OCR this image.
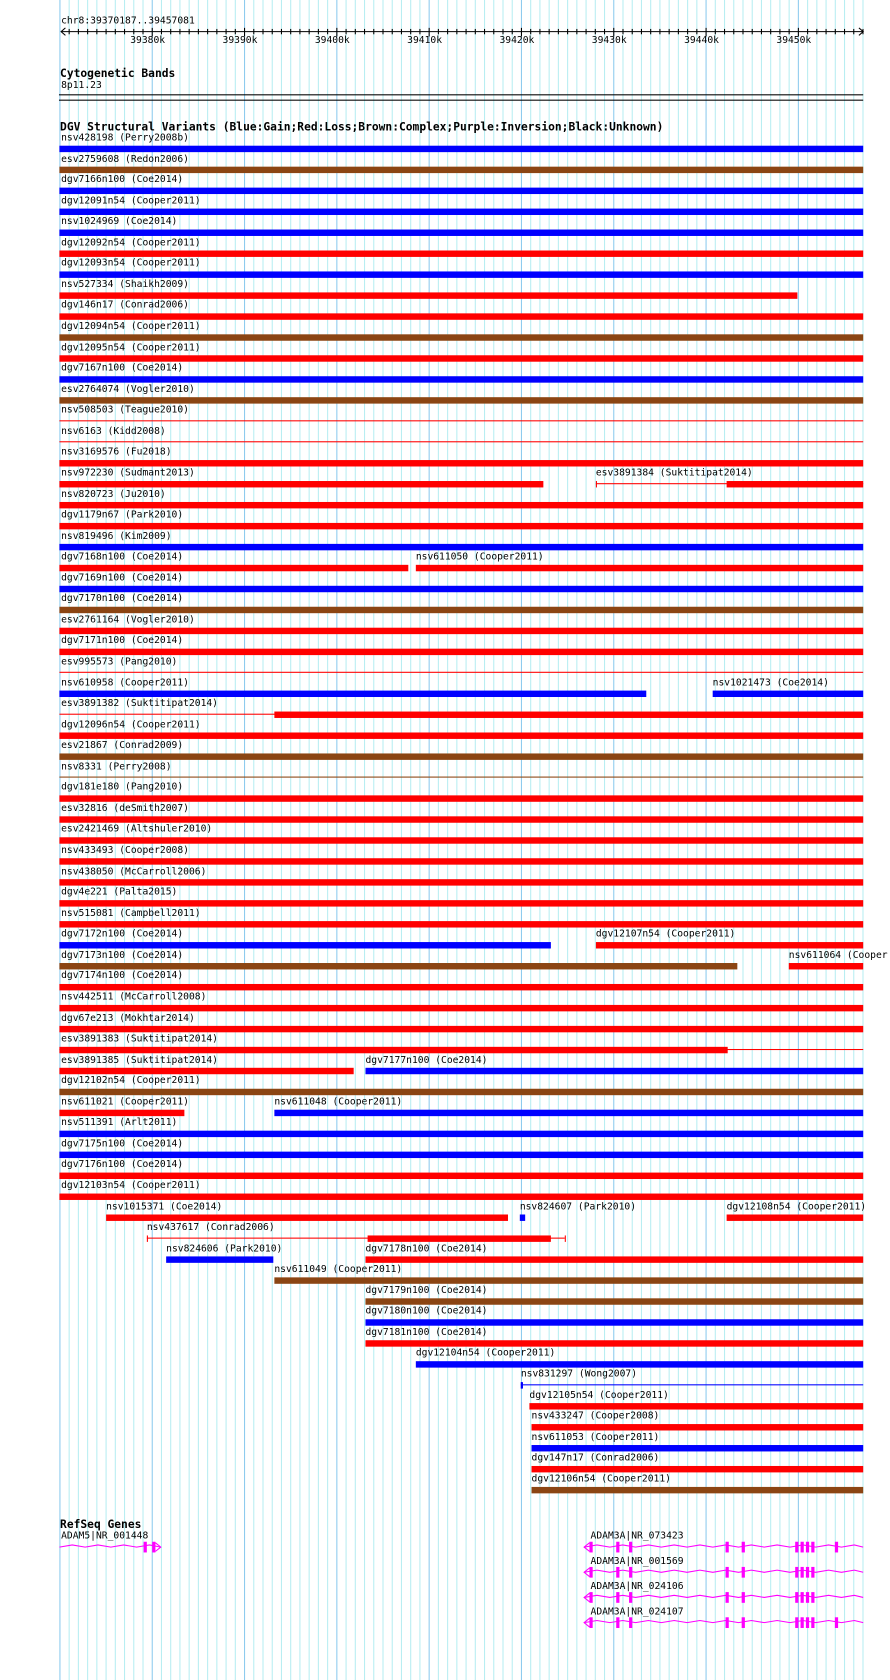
chr8:39370187..39457081
39380k	39390k	39400k	39410k	39420k	39430k	39440k	39450k
Cytogenetic Bands
8p11.23
DGV Structural Variants (Blue:Gain;Red:Loss;Brown:Complex;Purple:Inversion;Black:Unknown)
nsv428198 (Perry2008b)
esv2759608 (Redon2006)
dgv7166n100 (Coe2014)
dgv12091n54 (Cooper2011)
nsv1024969 (Coe2014)
dgv12092n54 (Cooper2011)
dgv12093n54 (Cooper2011)
nsv527334 (Shaikh2009)
dgv146n17 (Conrad2006)
dgv12094n54 (Cooper2011)
dgv12095n54 (Cooper2011)
dgv7167n100 (Coe2014)
esv2764074 (Vogler2010)
nsv508503 (Teague2010)
nsv6163 (Kidd2008)
nsv3169576 (Fu2018)
nsv972230 (Sudmant2013)	esv3891384 (Suktitipat2014)
nsv820723 (Ju2010)
dgv1179n67 (Park2010)
nsv819496 (Kim2009)
dgv7168n100 (Coe2014)	nsv611050 (Cooper2011)
dgv7169n100 (Coe2014)
dgv7170n100 (Coe2014)
esv2761164 (Vogler2010)
dgv7171n100 (Coe2014)
esv995573 (Pang2010)
nsv610958 (Cooper2011)	nsv1021473 (Coe2014)
esv3891382 (Suktitipat2014)
dgv12096n54 (Cooper2011)
esv21867 (Conrad2009)
nsv8331 (Perry2008)
dgv181e180 (Pang2010)
esv32816 (deSmith2007)
esv2421469 (Altshuler2010)
nsv433493 (Cooper2008)
nsv438050 (McCarroll2006)
dgv4e221 (Palta2015)
nsv515081 (Campbell2011)
dgv7172n100 (Coe2014)	dgv12107n54 (Cooper2011)
dgv7173n100 (Coe2014)	nsv611064 (Cooper
dgv7174n100 (Coe2014)
nsv442511 (McCarroll2008)
dgv67e213 (Mokhtar2014)
esv3891383 (Suktitipat2014)
esv3891385 (Suktitipat2014)	dgv7177n100 (Coe2014)
dgv12102n54 (Cooper2011)
nsv611021 (Cooper2011)	nsv611048 (Cooper2011)
nsv511391 (Arlt2011)
dgv7175n100 (Coe2014)
dgv7176n100 (Coe2014)
dgv12103n54 (Cooper2011)
nsv1015371 (Coe2014)	nsv824607 (Park2010)	dgv12108n54 (Cooper2011)
nsv437617 (Conrad2006)
nsv824606 (Park2010)	dgv7178n100 (Coe2014)
nsv611049 (Cooper2011)
dgv7179n100 (Coe2014)
dgv7180n100 (Coe2014)
dgv7181n100 (Coe2014)
dgv12104n54 (Cooper2011)
nsv831297 (Wong2007)
dgv12105n54 (Cooper2011)
nsv433247 (Cooper2008)
nsv611053 (Cooper2011)
dgv147n17 (Conrad2006)
dgv12106n54 (Cooper2011)
RefSeq Genes
ADAM5|NR_001448	ADAM3A|NR_073423
ADAM3A|NR_001569
ADAM3A|NR_024106
ADAM3A|NR_024107
